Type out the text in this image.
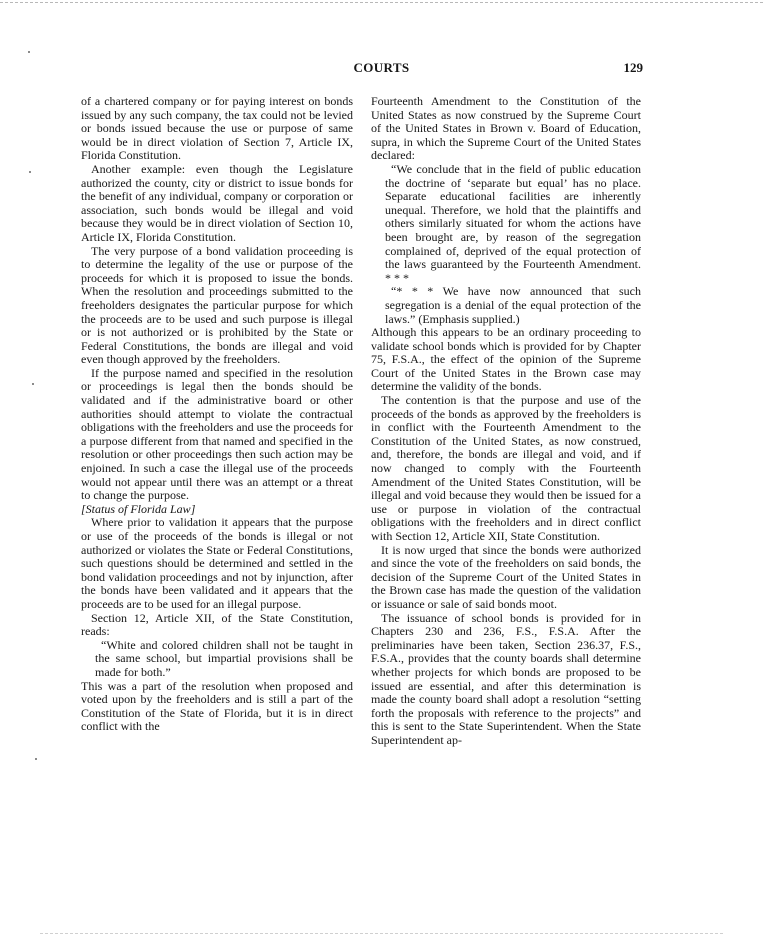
COURTS	129

of a chartered company or for paying interest on bonds issued by any such company, the tax could not be levied or bonds issued because the use or purpose of same would be in direct violation of Section 7, Article IX, Florida Constitution.

Another example: even though the Legislature authorized the county, city or district to issue bonds for the benefit of any individual, company or corporation or association, such bonds would be illegal and void because they would be in direct violation of Section 10, Article IX, Florida Constitution.

The very purpose of a bond validation proceeding is to determine the legality of the use or purpose of the proceeds for which it is proposed to issue the bonds. When the resolution and proceedings submitted to the freeholders designates the particular purpose for which the proceeds are to be used and such purpose is illegal or is not authorized or is prohibited by the State or Federal Constitutions, the bonds are illegal and void even though approved by the freeholders.

If the purpose named and specified in the resolution or proceedings is legal then the bonds should be validated and if the administrative board or other authorities should attempt to violate the contractual obligations with the freeholders and use the proceeds for a purpose different from that named and specified in the resolution or other proceedings then such action may be enjoined. In such a case the illegal use of the proceeds would not appear until there was an attempt or a threat to change the purpose.

[Status of Florida Law]

Where prior to validation it appears that the purpose or use of the proceeds of the bonds is illegal or not authorized or violates the State or Federal Constitutions, such questions should be determined and settled in the bond validation proceedings and not by injunction, after the bonds have been validated and it appears that the proceeds are to be used for an illegal purpose.

Section 12, Article XII, of the State Constitution, reads:

“White and colored children shall not be taught in the same school, but impartial provisions shall be made for both.”

This was a part of the resolution when proposed and voted upon by the freeholders and is still a part of the Constitution of the State of Florida, but it is in direct conflict with the

Fourteenth Amendment to the Constitution of the United States as now construed by the Supreme Court of the United States in Brown v. Board of Education, supra, in which the Supreme Court of the United States declared:

“We conclude that in the field of public education the doctrine of ‘separate but equal’ has no place. Separate educational facilities are inherently unequal. Therefore, we hold that the plaintiffs and others similarly situated for whom the actions have been brought are, by reason of the segregation complained of, deprived of the equal protection of the laws guaranteed by the Fourteenth Amendment. * * *

“* * * We have now announced that such segregation is a denial of the equal protection of the laws.” (Emphasis supplied.)

Although this appears to be an ordinary proceeding to validate school bonds which is provided for by Chapter 75, F.S.A., the effect of the opinion of the Supreme Court of the United States in the Brown case may determine the validity of the bonds.

The contention is that the purpose and use of the proceeds of the bonds as approved by the freeholders is in conflict with the Fourteenth Amendment to the Constitution of the United States, as now construed, and, therefore, the bonds are illegal and void, and if now changed to comply with the Fourteenth Amendment of the United States Constitution, will be illegal and void because they would then be issued for a use or purpose in violation of the contractual obligations with the freeholders and in direct conflict with Section 12, Article XII, State Constitution.

It is now urged that since the bonds were authorized and since the vote of the freeholders on said bonds, the decision of the Supreme Court of the United States in the Brown case has made the question of the validation or issuance or sale of said bonds moot.

The issuance of school bonds is provided for in Chapters 230 and 236, F.S., F.S.A. After the preliminaries have been taken, Section 236.37, F.S., F.S.A., provides that the county boards shall determine whether projects for which bonds are proposed to be issued are essential, and after this determination is made the county board shall adopt a resolution “setting forth the proposals with reference to the projects” and this is sent to the State Superintendent. When the State Superintendent ap-
